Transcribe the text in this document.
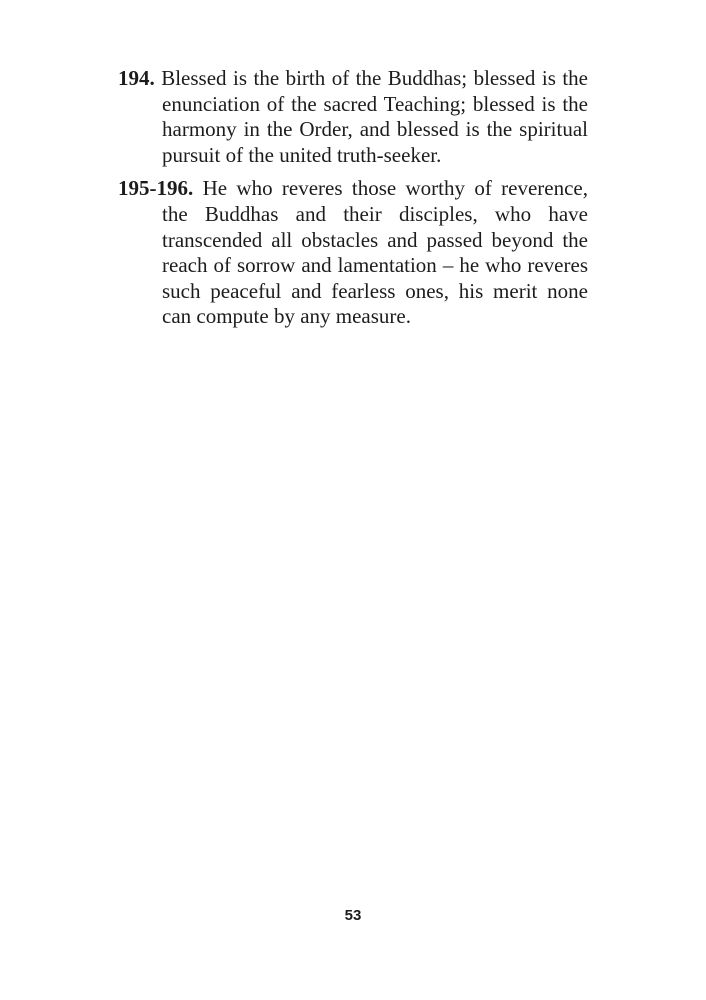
194. Blessed is the birth of the Buddhas; blessed is the enunciation of the sacred Teaching; blessed is the harmony in the Order, and blessed is the spiritual pursuit of the united truth-seeker.

195-196. He who reveres those worthy of reverence, the Buddhas and their disciples, who have transcended all obstacles and passed beyond the reach of sorrow and lamentation – he who reveres such peaceful and fearless ones, his merit none can compute by any measure.

53
